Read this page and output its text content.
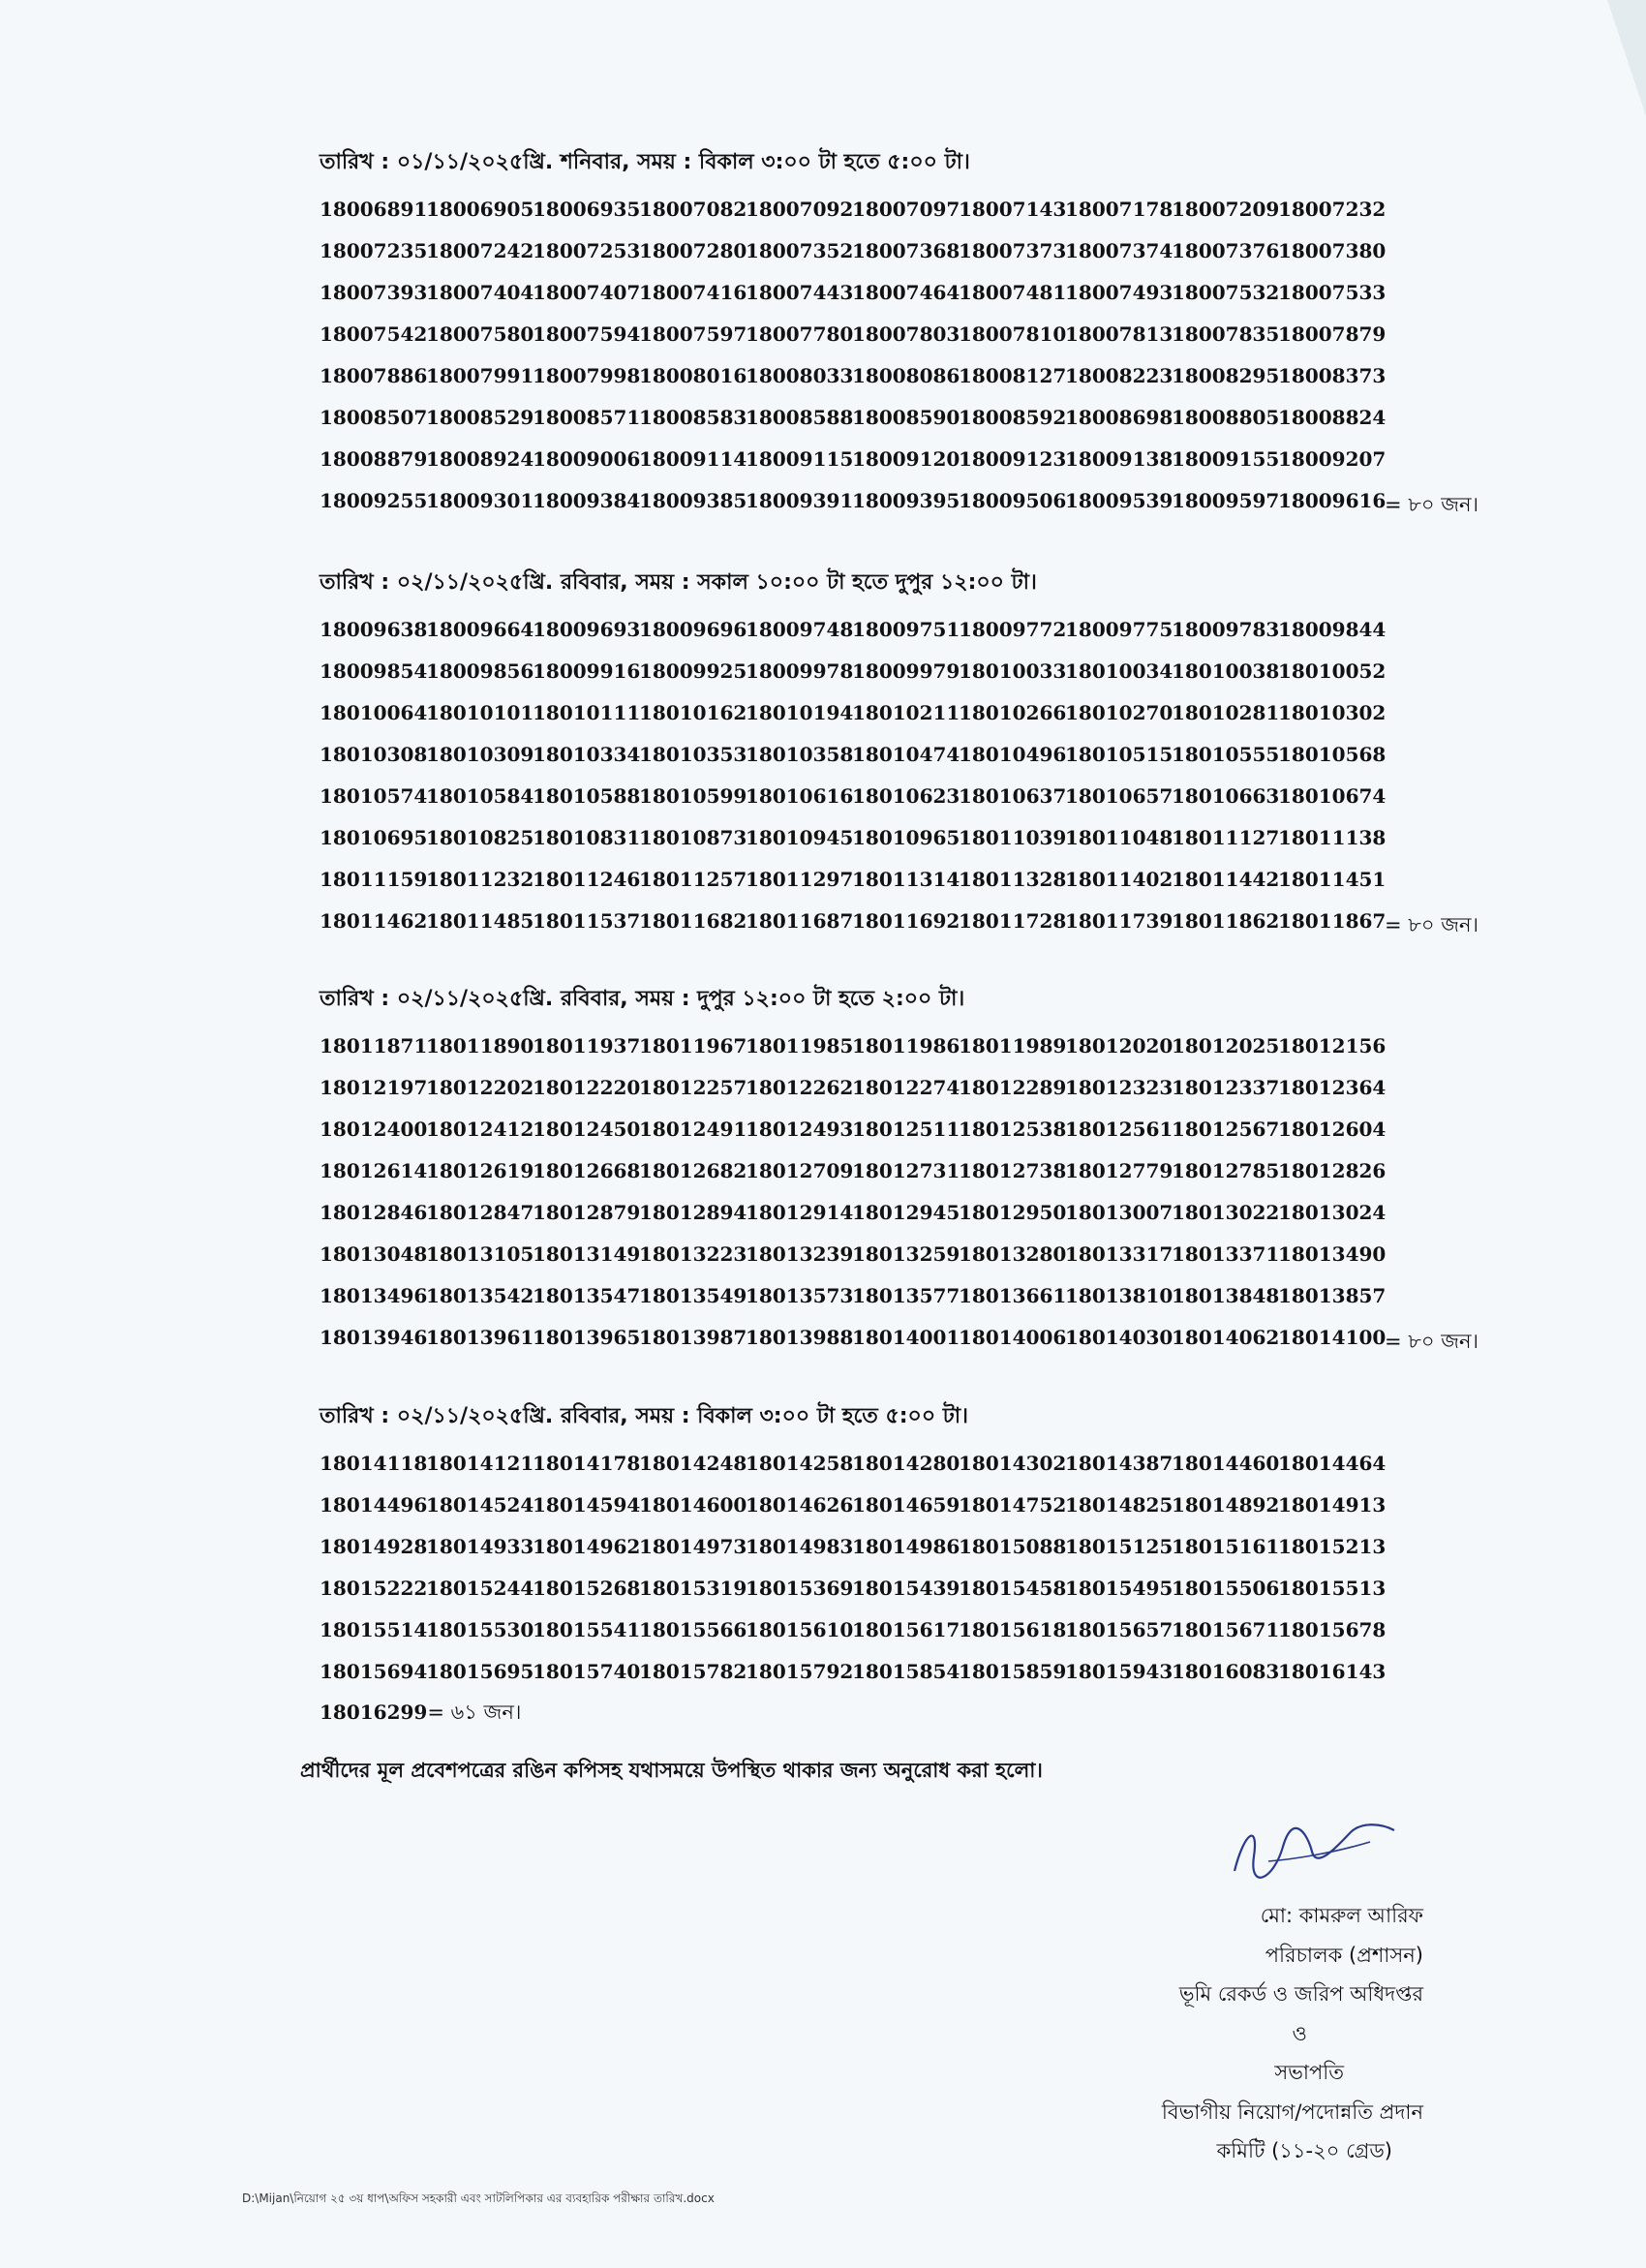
তারিখ : ০১/১১/২০২৫খ্রি. শনিবার, সময় : বিকাল ৩:০০ টা হতে ৫:০০ টা।
18006891
18006905
18006935
18007082
18007092
18007097
18007143
18007178
18007209
18007232
18007235
18007242
18007253
18007280
18007352
18007368
18007373
18007374
18007376
18007380
18007393
18007404
18007407
18007416
18007443
18007464
18007481
18007493
18007532
18007533
18007542
18007580
18007594
18007597
18007780
18007803
18007810
18007813
18007835
18007879
18007886
18007991
18007998
18008016
18008033
18008086
18008127
18008223
18008295
18008373
18008507
18008529
18008571
18008583
18008588
18008590
18008592
18008698
18008805
18008824
18008879
18008924
18009006
18009114
18009115
18009120
18009123
18009138
18009155
18009207
18009255
18009301
18009384
18009385
18009391
18009395
18009506
18009539
18009597
18009616
= ৮০ জন।
তারিখ : ০২/১১/২০২৫খ্রি. রবিবার, সময় : সকাল ১০:০০ টা হতে দুপুর ১২:০০ টা।
18009638
18009664
18009693
18009696
18009748
18009751
18009772
18009775
18009783
18009844
18009854
18009856
18009916
18009925
18009978
18009979
18010033
18010034
18010038
18010052
18010064
18010101
18010111
18010162
18010194
18010211
18010266
18010270
18010281
18010302
18010308
18010309
18010334
18010353
18010358
18010474
18010496
18010515
18010555
18010568
18010574
18010584
18010588
18010599
18010616
18010623
18010637
18010657
18010663
18010674
18010695
18010825
18010831
18010873
18010945
18010965
18011039
18011048
18011127
18011138
18011159
18011232
18011246
18011257
18011297
18011314
18011328
18011402
18011442
18011451
18011462
18011485
18011537
18011682
18011687
18011692
18011728
18011739
18011862
18011867
= ৮০ জন।
তারিখ : ০২/১১/২০২৫খ্রি. রবিবার, সময় : দুপুর ১২:০০ টা হতে ২:০০ টা।
18011871
18011890
18011937
18011967
18011985
18011986
18011989
18012020
18012025
18012156
18012197
18012202
18012220
18012257
18012262
18012274
18012289
18012323
18012337
18012364
18012400
18012412
18012450
18012491
18012493
18012511
18012538
18012561
18012567
18012604
18012614
18012619
18012668
18012682
18012709
18012731
18012738
18012779
18012785
18012826
18012846
18012847
18012879
18012894
18012914
18012945
18012950
18013007
18013022
18013024
18013048
18013105
18013149
18013223
18013239
18013259
18013280
18013317
18013371
18013490
18013496
18013542
18013547
18013549
18013573
18013577
18013661
18013810
18013848
18013857
18013946
18013961
18013965
18013987
18013988
18014001
18014006
18014030
18014062
18014100
= ৮০ জন।
তারিখ : ০২/১১/২০২৫খ্রি. রবিবার, সময় : বিকাল ৩:০০ টা হতে ৫:০০ টা।
18014118
18014121
18014178
18014248
18014258
18014280
18014302
18014387
18014460
18014464
18014496
18014524
18014594
18014600
18014626
18014659
18014752
18014825
18014892
18014913
18014928
18014933
18014962
18014973
18014983
18014986
18015088
18015125
18015161
18015213
18015222
18015244
18015268
18015319
18015369
18015439
18015458
18015495
18015506
18015513
18015514
18015530
18015541
18015566
18015610
18015617
18015618
18015657
18015671
18015678
18015694
18015695
18015740
18015782
18015792
18015854
18015859
18015943
18016083
18016143
18016299= ৬১ জন।
প্রার্থীদের মূল প্রবেশপত্রের রঙিন কপিসহ যথাসময়ে উপস্থিত থাকার জন্য অনুরোধ করা হলো।
মো: কামরুল আরিফ
পরিচালক (প্রশাসন)
ভূমি রেকর্ড ও জরিপ অধিদপ্তর
ও
সভাপতি
বিভাগীয় নিয়োগ/পদোন্নতি প্রদান
কমিটি (১১-২০ গ্রেড)
D:\Mijan\নিয়োগ ২৫ ৩য় ধাপ\অফিস সহকারী এবং সাটলিপিকার এর ব্যবহারিক পরীক্ষার তারিখ.docx
